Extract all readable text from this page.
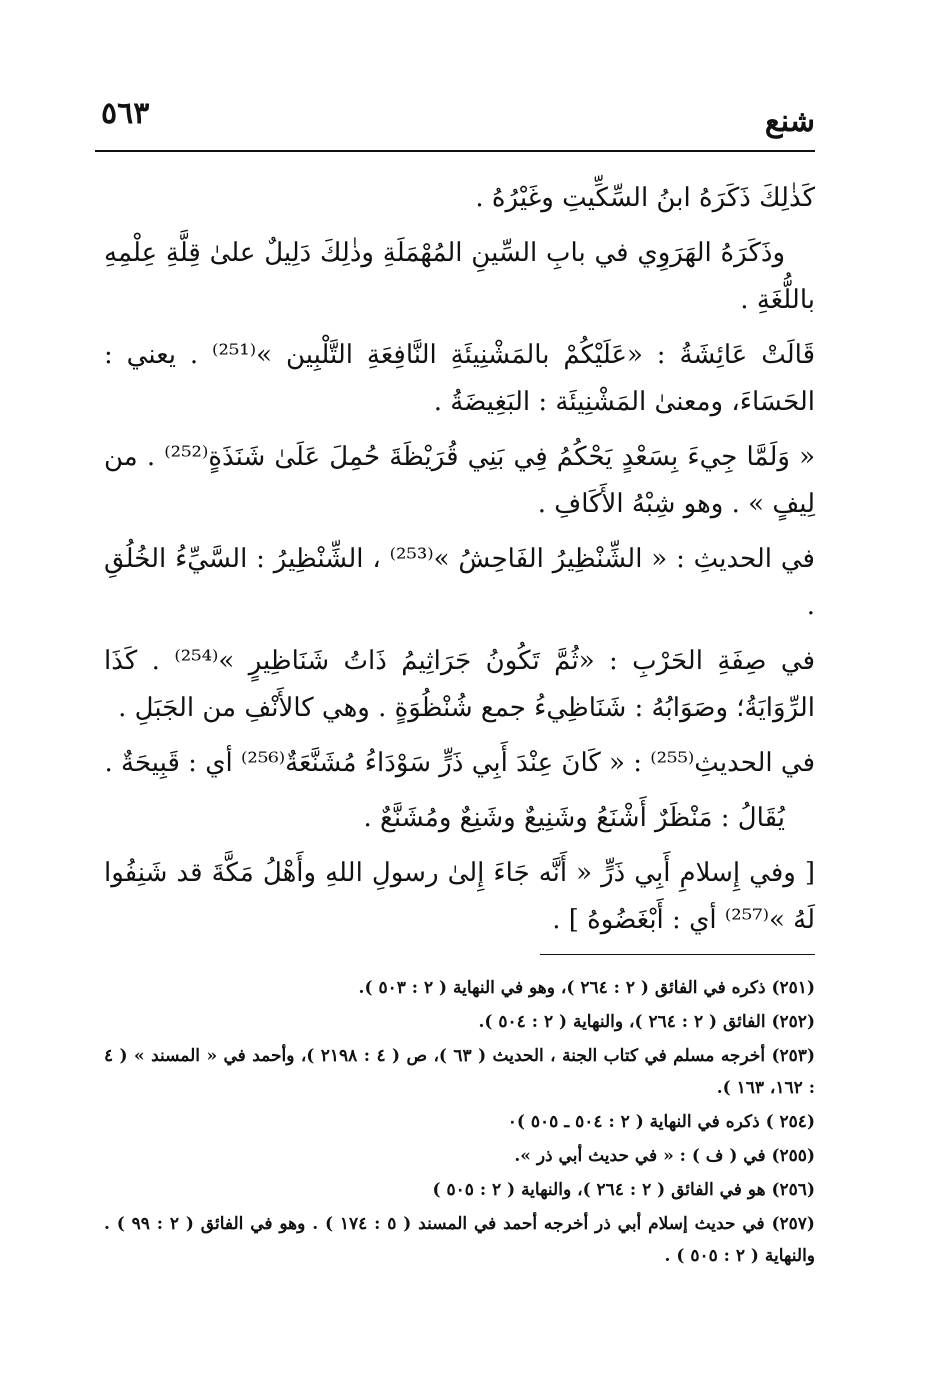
شنع
٥٦٣

كَذٰلِكَ ذَكَرَهُ ابنُ السِّكِّيتِ وغَيْرُهُ .

وذَكَرَهُ الهَرَوِي في بابِ السِّينِ المُهْمَلَةِ وذٰلِكَ دَلِيلٌ علىٰ قِلَّةِ عِلْمِهِ باللُّغَةِ .

قَالَتْ عَائِشَةُ : «عَلَيْكُمْ بالمَشْنِيئَةِ النَّافِعَةِ التَّلْبِين »⁽²⁵¹⁾ . يعني : الحَسَاءَ، ومعنىٰ المَشْنِيئَة : البَغِيضَةُ .

« وَلَمَّا جِيءَ بِسَعْدٍ يَحْكُمُ فِي بَنِي قُرَيْظَةَ حُمِلَ عَلَىٰ شَنَذَةٍ⁽²⁵²⁾ . من لِيفٍ » . وهو شِبْهُ الأَكَافِ .

في الحديثِ : « الشِّنْظِيرُ الفَاحِشُ »⁽²⁵³⁾ ، الشِّنْظِيرُ : السَّيِّءُ الخُلُقِ .

في صِفَةِ الحَرْبِ : «ثُمَّ تَكُونُ جَرَاثِيمُ ذَاتُ شَنَاظِيرٍ »⁽²⁵⁴⁾ . كَذَا الرِّوَايَةُ؛ وصَوَابُهُ : شَنَاظِيءُ جمع شُنْظُوَةٍ . وهي كالأَنْفِ من الجَبَلِ .

في الحديثِ⁽²⁵⁵⁾ : « كَانَ عِنْدَ أَبِي ذَرٍّ سَوْدَاءُ مُشَنَّعَةٌ⁽²⁵⁶⁾ أي : قَبِيحَةٌ .

يُقَالُ : مَنْظَرٌ أَشْنَعُ وشَنِيعٌ وشَنِعٌ ومُشَنَّعٌ .

[ وفي إِسلامِ أَبِي ذَرٍّ « أَنَّه جَاءَ إِلىٰ رسولِ اللهِ وأَهْلُ مَكَّةَ قد شَنِفُوا لَهُ »⁽²⁵⁷⁾ أي : أَبْغَضُوهُ ] .

(٢٥١) ذكره في الفائق ( ٢ : ٢٦٤ )، وهو في النهاية ( ٢ : ٥٠٣ ).

(٢٥٢) الفائق ( ٢ : ٢٦٤ )، والنهاية ( ٢ : ٥٠٤ ).

(٢٥٣) أخرجه مسلم في كتاب الجنة ، الحديث ( ٦٣ )، ص ( ٤ : ٢١٩٨ )، وأحمد في « المسند » ( ٤ : ١٦٢، ١٦٣ ).

(٢٥٤ ) ذكره في النهاية ( ٢ : ٥٠٤ ـ ٥٠٥ )٠

(٢٥٥) في ( ف ) : « في حديث أبي ذر ».

(٢٥٦) هو في الفائق ( ٢ : ٢٦٤ )، والنهاية ( ٢ : ٥٠٥ )

(٢٥٧) في حديث إسلام أبي ذر أخرجه أحمد في المسند ( ٥ : ١٧٤ ) . وهو في الفائق ( ٢ : ٩٩ ) . والنهاية ( ٢ : ٥٠٥ ) .
